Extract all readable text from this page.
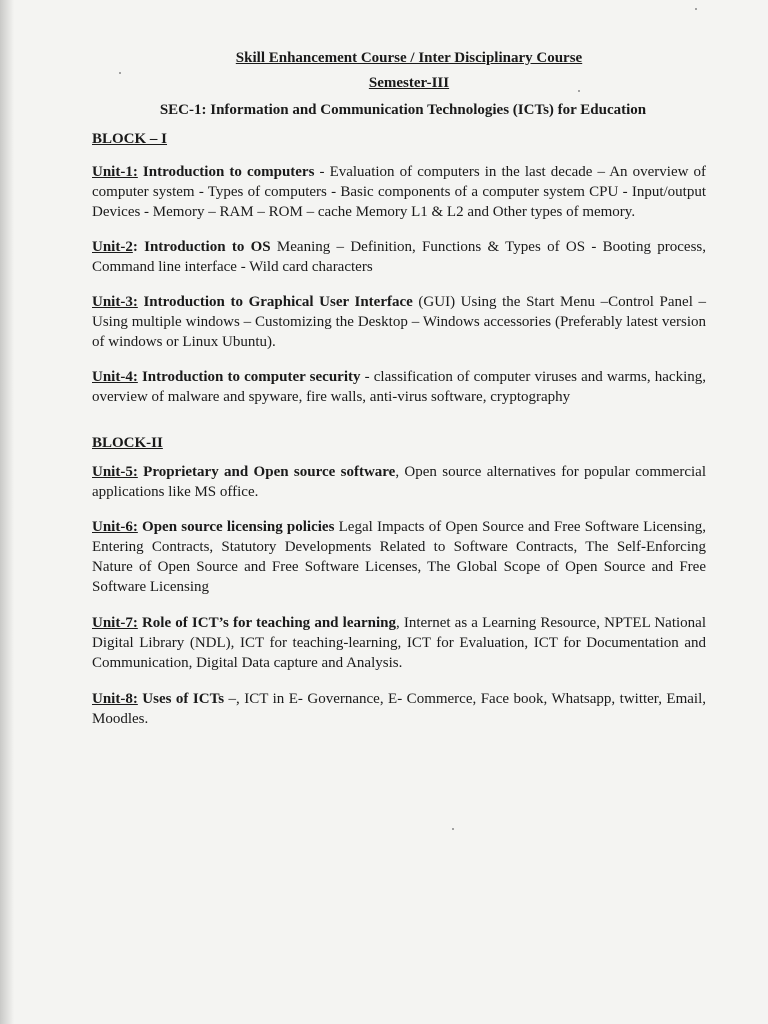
Skill Enhancement Course / Inter Disciplinary Course

Semester-III

SEC-1: Information and Communication Technologies (ICTs) for Education

BLOCK – I

Unit-1: Introduction to computers - Evaluation of computers in the last decade – An overview of computer system - Types of computers - Basic components of a computer system CPU - Input/output Devices - Memory – RAM – ROM – cache Memory L1 & L2 and Other types of memory.

Unit-2: Introduction to OS Meaning – Definition, Functions & Types of OS - Booting process, Command line interface - Wild card characters

Unit-3: Introduction to Graphical User Interface (GUI) Using the Start Menu –Control Panel – Using multiple windows – Customizing the Desktop – Windows accessories (Preferably latest version of windows or Linux Ubuntu).

Unit-4: Introduction to computer security - classification of computer viruses and warms, hacking, overview of malware and spyware, fire walls, anti-virus software, cryptography

BLOCK-II

Unit-5: Proprietary and Open source software, Open source alternatives for popular commercial applications like MS office.

Unit-6: Open source licensing policies Legal Impacts of Open Source and Free Software Licensing, Entering Contracts, Statutory Developments Related to Software Contracts, The Self-Enforcing Nature of Open Source and Free Software Licenses, The Global Scope of Open Source and Free Software Licensing

Unit-7: Role of ICT’s for teaching and learning, Internet as a Learning Resource, NPTEL National Digital Library (NDL), ICT for teaching-learning, ICT for Evaluation, ICT for Documentation and Communication, Digital Data capture and Analysis.

Unit-8: Uses of ICTs –, ICT in E- Governance, E- Commerce, Face book, Whatsapp, twitter, Email, Moodles.
